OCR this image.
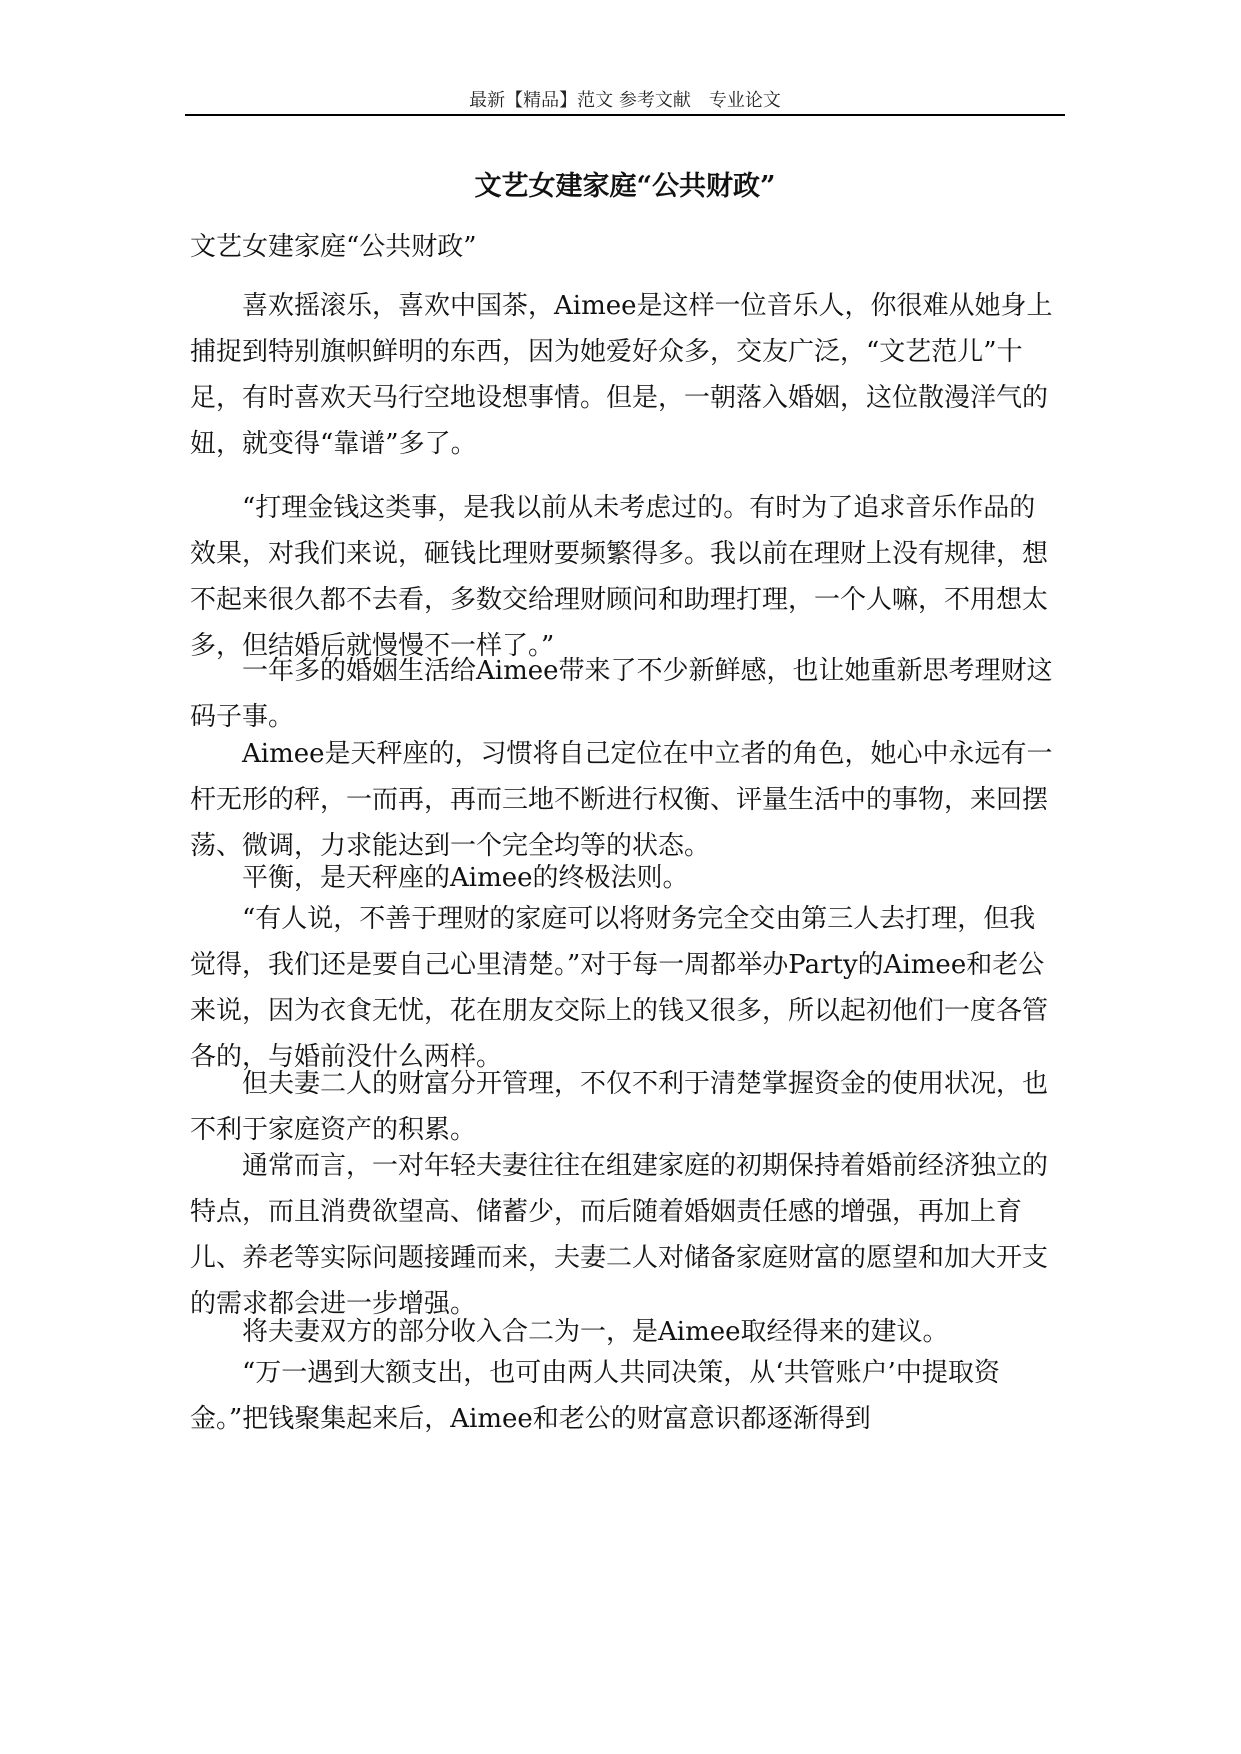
最新【精品】范文 参考文献　专业论文
文艺女建家庭“公共财政”
文艺女建家庭“公共财政”

喜欢摇滚乐，喜欢中国茶，Aimee是这样一位音乐人，你很难从她身上捕捉到特别旗帜鲜明的东西，因为她爱好众多，交友广泛，“文艺范儿”十足，有时喜欢天马行空地设想事情。但是，一朝落入婚姻，这位散漫洋气的妞，就变得“靠谱”多了。

“打理金钱这类事，是我以前从未考虑过的。有时为了追求音乐作品的效果，对我们来说，砸钱比理财要频繁得多。我以前在理财上没有规律，想不起来很久都不去看，多数交给理财顾问和助理打理，一个人嘛，不用想太多，但结婚后就慢慢不一样了。”

一年多的婚姻生活给Aimee带来了不少新鲜感，也让她重新思考理财这码子事。

Aimee是天秤座的，习惯将自己定位在中立者的角色，她心中永远有一杆无形的秤，一而再，再而三地不断进行权衡、评量生活中的事物，来回摆荡、微调，力求能达到一个完全均等的状态。

平衡，是天秤座的Aimee的终极法则。

“有人说，不善于理财的家庭可以将财务完全交由第三人去打理，但我觉得，我们还是要自己心里清楚。”对于每一周都举办Party的Aimee和老公来说，因为衣食无忧，花在朋友交际上的钱又很多，所以起初他们一度各管各的，与婚前没什么两样。

但夫妻二人的财富分开管理，不仅不利于清楚掌握资金的使用状况，也不利于家庭资产的积累。

通常而言，一对年轻夫妻往往在组建家庭的初期保持着婚前经济独立的特点，而且消费欲望高、储蓄少，而后随着婚姻责任感的增强，再加上育儿、养老等实际问题接踵而来，夫妻二人对储备家庭财富的愿望和加大开支的需求都会进一步增强。

将夫妻双方的部分收入合二为一，是Aimee取经得来的建议。

“万一遇到大额支出，也可由两人共同决策，从‘共管账户’中提取资金。”把钱聚集起来后，Aimee和老公的财富意识都逐渐得到
